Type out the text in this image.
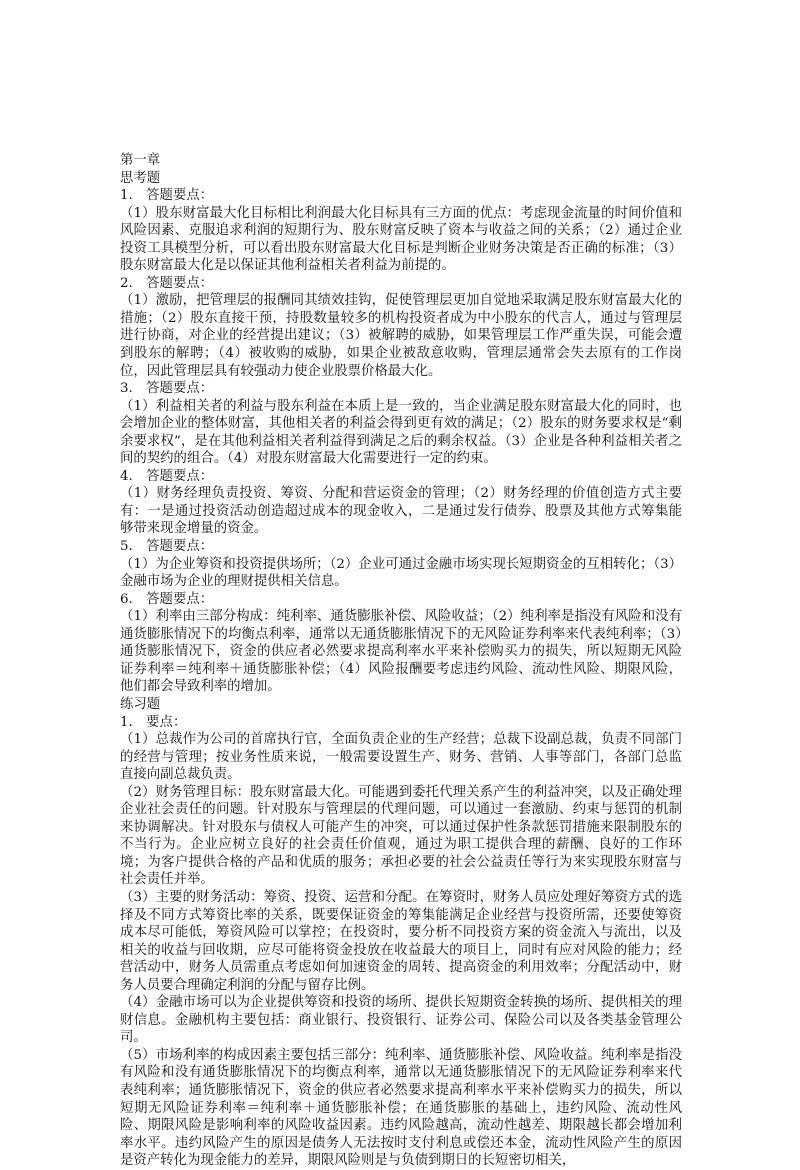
第一章

思考题

1.　答题要点：

（1）股东财富最大化目标相比利润最大化目标具有三方面的优点：考虑现金流量的时间价值和风险因素、克服追求利润的短期行为、股东财富反映了资本与收益之间的关系；（2）通过企业投资工具模型分析，可以看出股东财富最大化目标是判断企业财务决策是否正确的标准；（3）股东财富最大化是以保证其他利益相关者利益为前提的。

2.　答题要点：

（1）激励，把管理层的报酬同其绩效挂钩，促使管理层更加自觉地采取满足股东财富最大化的措施；（2）股东直接干预，持股数量较多的机构投资者成为中小股东的代言人，通过与管理层进行协商，对企业的经营提出建议；（3）被解聘的威胁，如果管理层工作严重失误，可能会遭到股东的解聘；（4）被收购的威胁，如果企业被敌意收购，管理层通常会失去原有的工作岗位，因此管理层具有较强动力使企业股票价格最大化。

3.　答题要点：

（1）利益相关者的利益与股东利益在本质上是一致的，当企业满足股东财富最大化的同时，也会增加企业的整体财富，其他相关者的利益会得到更有效的满足；（2）股东的财务要求权是“剩余要求权”，是在其他利益相关者利益得到满足之后的剩余权益。（3）企业是各种利益相关者之间的契约的组合。（4）对股东财富最大化需要进行一定的约束。

4.　答题要点：

（1）财务经理负责投资、筹资、分配和营运资金的管理；（2）财务经理的价值创造方式主要有：一是通过投资活动创造超过成本的现金收入，二是通过发行债券、股票及其他方式筹集能够带来现金增量的资金。

5.　答题要点：

（1）为企业筹资和投资提供场所；（2）企业可通过金融市场实现长短期资金的互相转化；（3）金融市场为企业的理财提供相关信息。

6.　答题要点：

（1）利率由三部分构成：纯利率、通货膨胀补偿、风险收益；（2）纯利率是指没有风险和没有通货膨胀情况下的均衡点利率，通常以无通货膨胀情况下的无风险证券利率来代表纯利率；（3）通货膨胀情况下，资金的供应者必然要求提高利率水平来补偿购买力的损失，所以短期无风险证券利率＝纯利率＋通货膨胀补偿；（4）风险报酬要考虑违约风险、流动性风险、期限风险，他们都会导致利率的增加。

练习题

1.　要点：

（1）总裁作为公司的首席执行官，全面负责企业的生产经营；总裁下设副总裁，负责不同部门的经营与管理；按业务性质来说，一般需要设置生产、财务、营销、人事等部门，各部门总监直接向副总裁负责。

（2）财务管理目标：股东财富最大化。可能遇到委托代理关系产生的利益冲突，以及正确处理企业社会责任的问题。针对股东与管理层的代理问题，可以通过一套激励、约束与惩罚的机制来协调解决。针对股东与债权人可能产生的冲突，可以通过保护性条款惩罚措施来限制股东的不当行为。企业应树立良好的社会责任价值观，通过为职工提供合理的薪酬、良好的工作环境；为客户提供合格的产品和优质的服务；承担必要的社会公益责任等行为来实现股东财富与社会责任并举。

（3）主要的财务活动：筹资、投资、运营和分配。在筹资时，财务人员应处理好筹资方式的选择及不同方式筹资比率的关系，既要保证资金的筹集能满足企业经营与投资所需，还要使筹资成本尽可能低，筹资风险可以掌控；在投资时，要分析不同投资方案的资金流入与流出，以及相关的收益与回收期，应尽可能将资金投放在收益最大的项目上，同时有应对风险的能力；经营活动中，财务人员需重点考虑如何加速资金的周转、提高资金的利用效率；分配活动中，财务人员要合理确定利润的分配与留存比例。

（4）金融市场可以为企业提供筹资和投资的场所、提供长短期资金转换的场所、提供相关的理财信息。金融机构主要包括：商业银行、投资银行、证券公司、保险公司以及各类基金管理公司。

（5）市场利率的构成因素主要包括三部分：纯利率、通货膨胀补偿、风险收益。纯利率是指没有风险和没有通货膨胀情况下的均衡点利率，通常以无通货膨胀情况下的无风险证券利率来代表纯利率；通货膨胀情况下，资金的供应者必然要求提高利率水平来补偿购买力的损失，所以短期无风险证券利率＝纯利率＋通货膨胀补偿；在通货膨胀的基础上，违约风险、流动性风险、期限风险是影响利率的风险收益因素。违约风险越高，流动性越差、期限越长都会增加利率水平。违约风险产生的原因是债务人无法按时支付利息或偿还本金，流动性风险产生的原因是资产转化为现金能力的差异，期限风险则是与负债到期日的长短密切相关，
